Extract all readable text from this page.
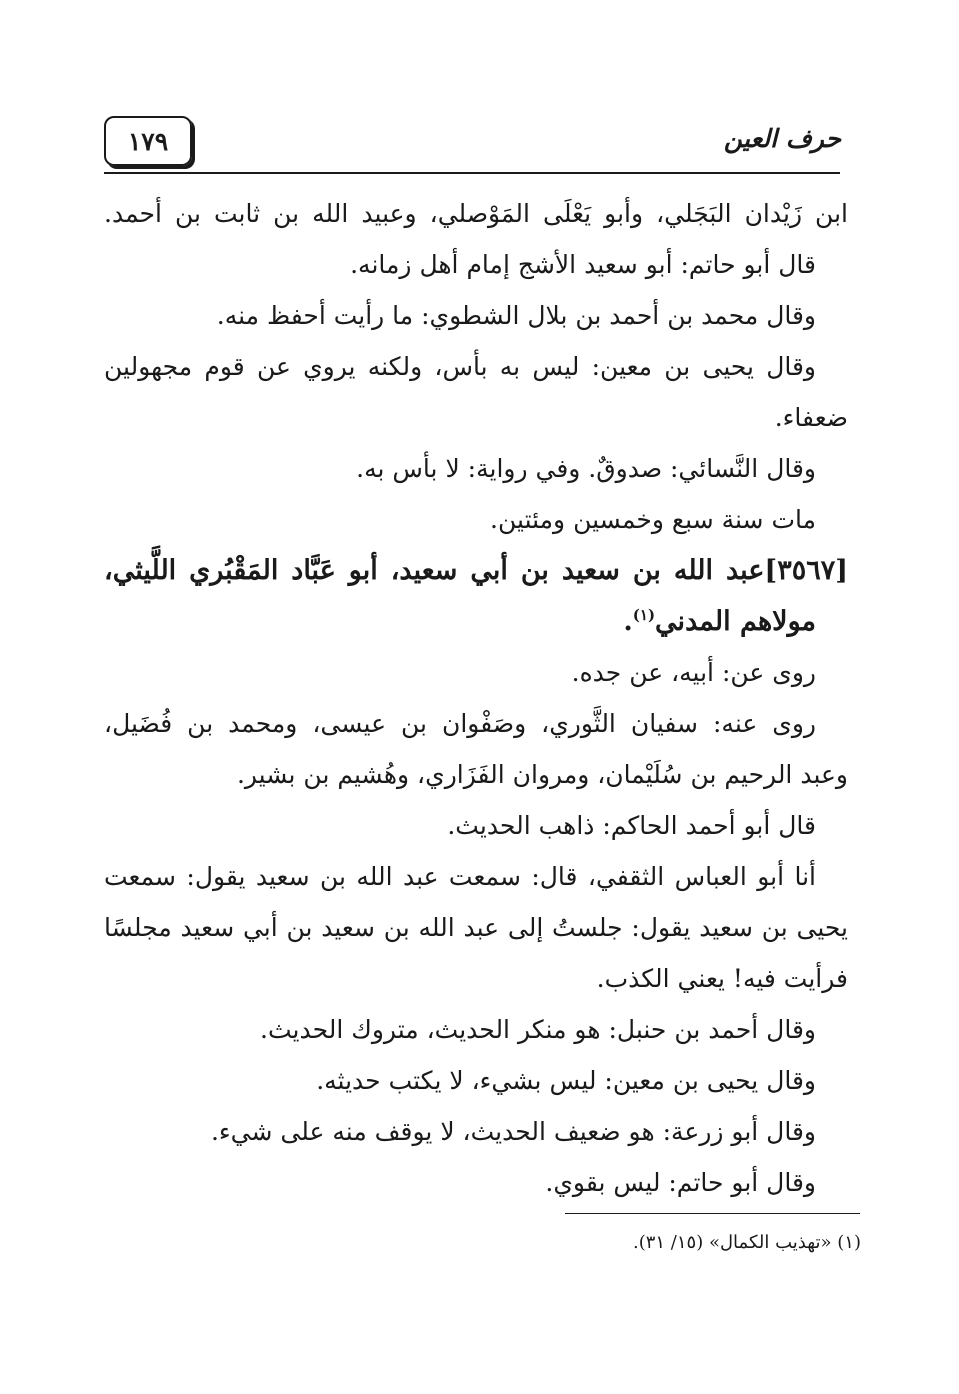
حرف العين
١٧٩
ابن زَيْدان البَجَلي، وأبو يَعْلَى المَوْصلي، وعبيد الله بن ثابت بن أحمد.
قال أبو حاتم: أبو سعيد الأشج إمام أهل زمانه.
وقال محمد بن أحمد بن بلال الشطوي: ما رأيت أحفظ منه.
وقال يحيى بن معين: ليس به بأس، ولكنه يروي عن قوم مجهولين
ضعفاء.
وقال النَّسائي: صدوقٌ. وفي رواية: لا بأس به.
مات سنة سبع وخمسين ومئتين.
[٣٥٦٧]عبد الله بن سعيد بن أبي سعيد، أبو عَبَّاد المَقْبُري اللَّيثي،
مولاهم المدني$^{(١)}$.
روى عن: أبيه، عن جده.
روى عنه: سفيان الثَّوري، وصَفْوان بن عيسى، ومحمد بن فُضَيل،
وعبد الرحيم بن سُلَيْمان، ومروان الفَزَاري، وهُشيم بن بشير.
قال أبو أحمد الحاكم: ذاهب الحديث.
أنا أبو العباس الثقفي، قال: سمعت عبد الله بن سعيد يقول: سمعت
يحيى بن سعيد يقول: جلستُ إلى عبد الله بن سعيد بن أبي سعيد مجلسًا
فرأيت فيه! يعني الكذب.
وقال أحمد بن حنبل: هو منكر الحديث، متروك الحديث.
وقال يحيى بن معين: ليس بشيء، لا يكتب حديثه.
وقال أبو زرعة: هو ضعيف الحديث، لا يوقف منه على شيء.
وقال أبو حاتم: ليس بقوي.
(١) «تهذيب الكمال» (١٥/ ٣١).
